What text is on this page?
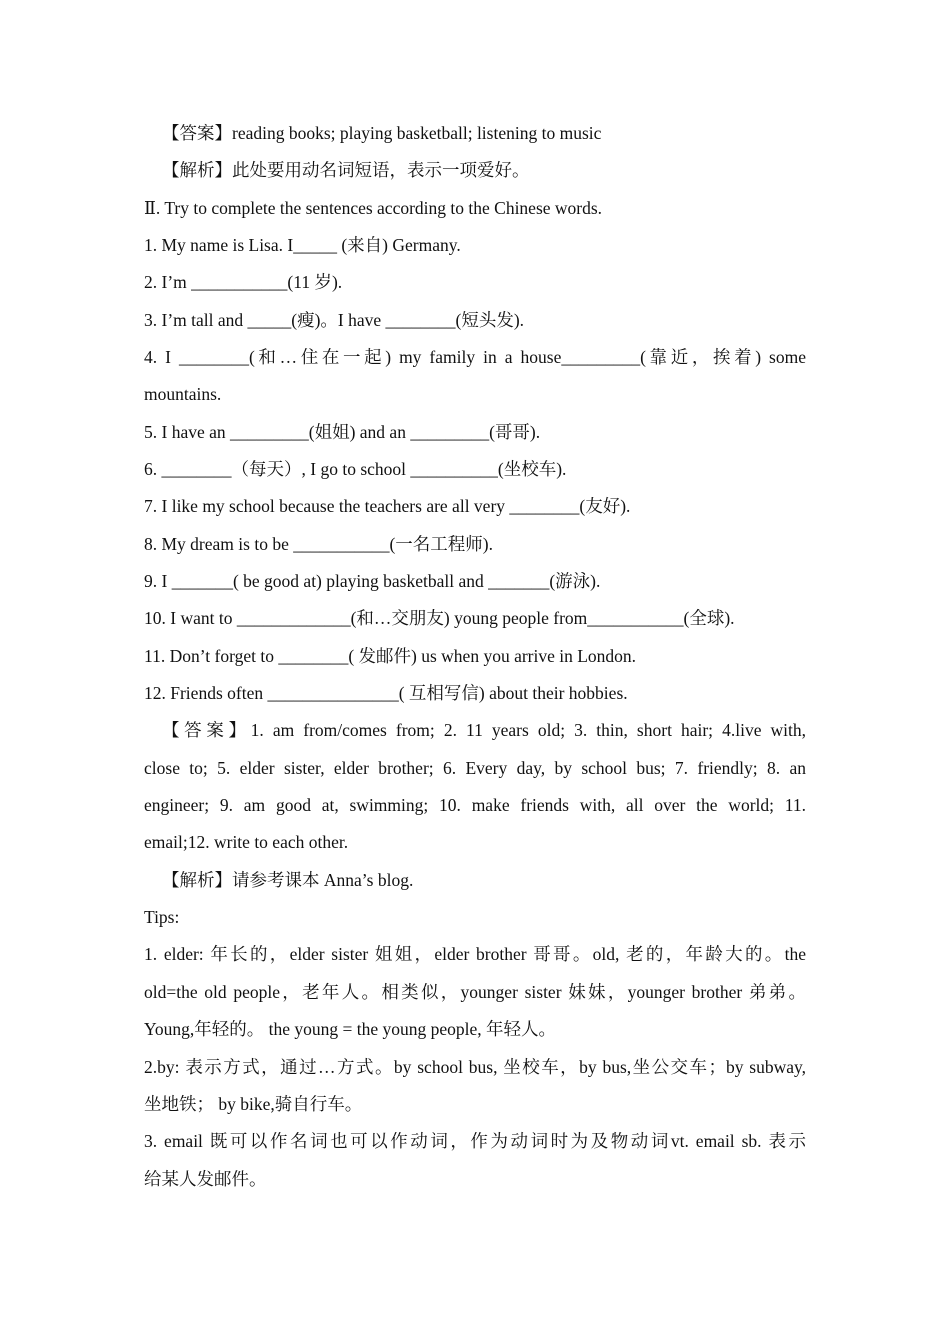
【答案】reading books; playing basketball; listening to music
【解析】此处要用动名词短语，表示一项爱好。
Ⅱ. Try to complete the sentences according to the Chinese words.
1. My name is Lisa. I_____ (来自) Germany.
2. I’m ___________(11 岁).
3. I’m tall and _____(瘦)。I have ________(短头发).
4. I ________(和…住在一起) my family in a house_________(靠近，挨着) some
mountains.
5. I have an _________(姐姐) and an _________(哥哥).
6. ________（每天）, I go to school __________(坐校车).
7. I like my school because the teachers are all very ________(友好).
8. My dream is to be ___________(一名工程师).
9. I _______( be good at) playing basketball and _______(游泳).
10. I want to _____________(和…交朋友) young people from___________(全球).
11. Don’t forget to ________( 发邮件) us when you arrive in London.
12. Friends often _______________( 互相写信) about their hobbies.
【答案】1. am from/comes from; 2. 11 years old; 3. thin, short hair; 4.live with,
close to; 5. elder sister, elder brother; 6. Every day, by school bus; 7. friendly; 8. an
engineer; 9. am good at, swimming; 10. make friends with, all over the world; 11.
email;12. write to each other.
【解析】请参考课本 Anna’s blog.
Tips:
1. elder: 年长的，elder sister 姐姐，elder brother 哥哥。old, 老的，年龄大的。the
old=the old people，老年人。相类似，younger sister 妹妹，younger brother 弟弟。
Young,年轻的。 the young = the young people, 年轻人。
2.by: 表示方式，通过…方式。by school bus, 坐校车，by bus,坐公交车；by subway,
坐地铁； by bike,骑自行车。
3. email 既可以作名词也可以作动词，作为动词时为及物动词vt. email sb. 表示
给某人发邮件。
